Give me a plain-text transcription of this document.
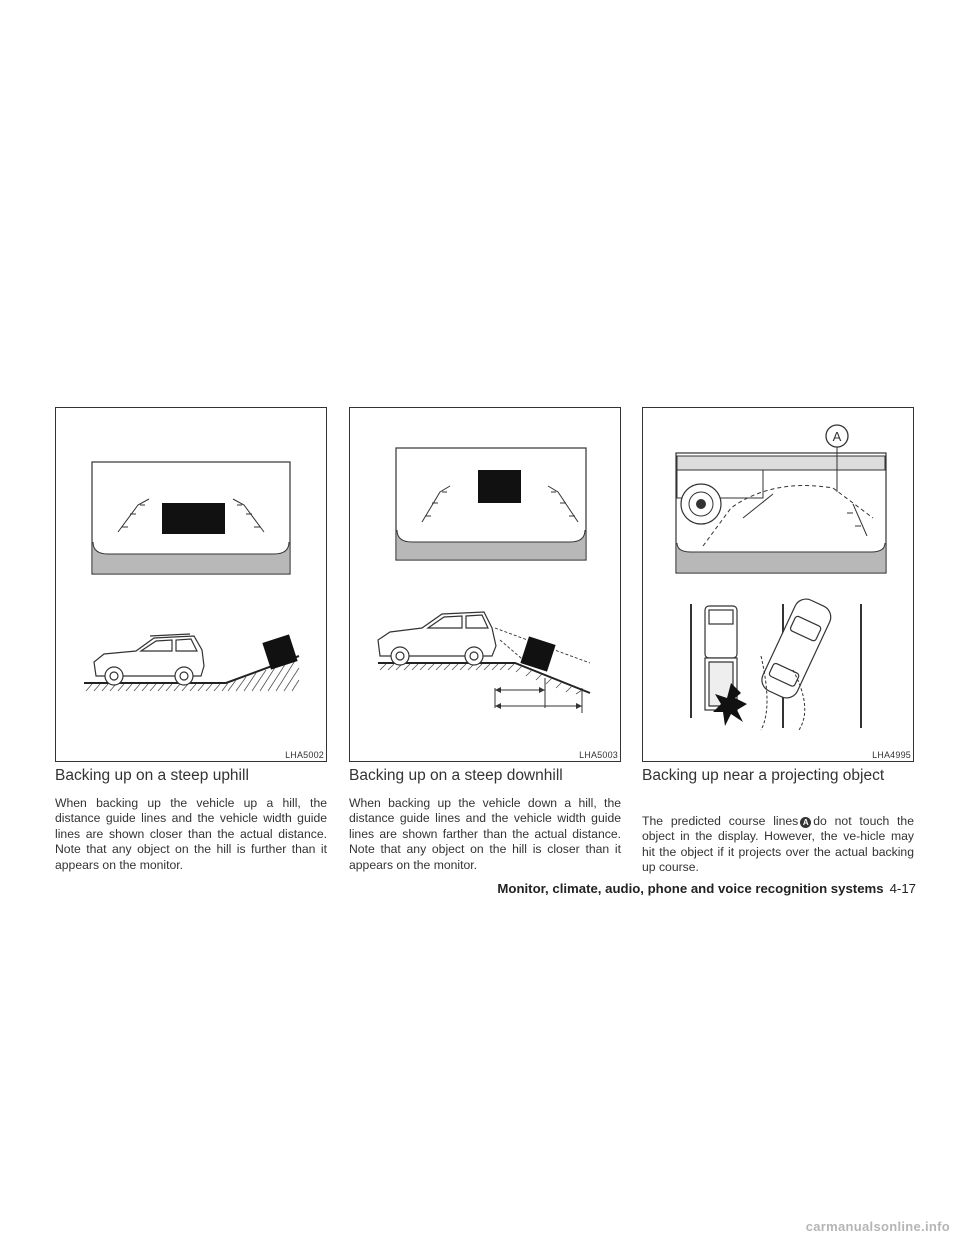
LHA5002	LHA5003
A
LHA4995
Backing up on a steep uphill

When backing up the vehicle up a hill, the distance guide lines and the vehicle width guide lines are shown closer than the actual distance. Note that any object on the hill is further than it appears on the monitor.

Backing up on a steep downhill

When backing up the vehicle down a hill, the distance guide lines and the vehicle width guide lines are shown farther than the actual distance. Note that any object on the hill is closer than it appears on the monitor.

Backing up near a projecting object

The predicted course lines A do not touch the object in the display. However, the ve-hicle may hit the object if it projects over the actual backing up course.

Monitor, climate, audio, phone and voice recognition systems 4-17
carmanualsonline.info
